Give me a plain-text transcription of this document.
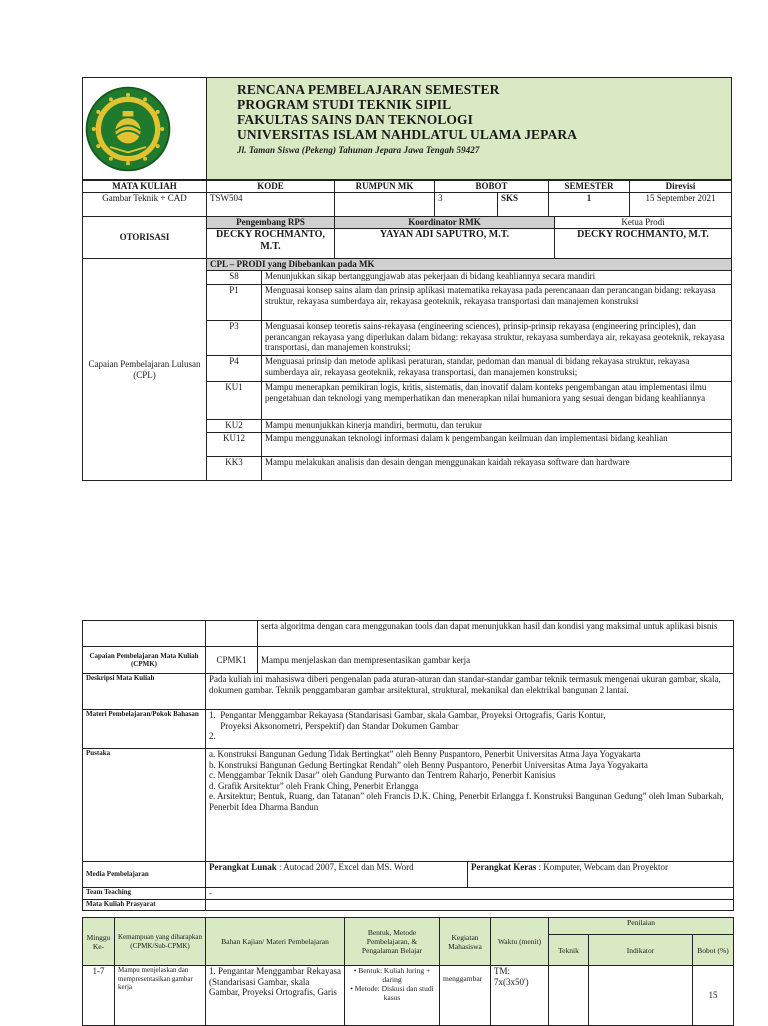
RENCANA PEMBELAJARAN SEMESTER
PROGRAM STUDI TEKNIK SIPIL
FAKULTAS SAINS DAN TEKNOLOGI
UNIVERSITAS ISLAM NAHDLATUL ULAMA JEPARA
Jl. Taman Siswa (Pekeng) Tahunan Jepara Jawa Tengah 59427
MATA KULIAH	KODE	RUMPUN MK	BOBOT		SEMESTER	Direvisi
Gambar Teknik + CAD	TSW504		3	SKS	1	15 September 2021
OTORISASI	Pengembang RPS	Koordinator RMK	Ketua Prodi
	DECKY ROCHMANTO, M.T.	YAYAN ADI SAPUTRO, M.T.	DECKY ROCHMANTO, M.T.
Capaian Pembelajaran Lulusan (CPL)	CPL – PRODI yang Dibebankan pada MK	
	S8	Menunjukkan sikap bertanggungjawab atas pekerjaan di bidang keahliannya secara mandiri
	P1	Menguasai konsep sains alam dan prinsip aplikasi matematika rekayasa pada perencanaan dan perancangan bidang: rekayasa struktur, rekayasa sumberdaya air, rekayasa geoteknik, rekayasa transportasi dan manajemen konstruksi
	P3	Menguasai konsep teoretis sains-rekayasa (engineering sciences), prinsip-prinsip rekayasa (engineering principles), dan perancangan rekayasa yang diperlukan dalam bidang: rekayasa struktur, rekayasa sumberdaya air, rekayasa geoteknik, rekayasa transportasi, dan manajemen konstruksi;
	P4	Menguasai prinsip dan metode aplikasi peraturan, standar, pedoman dan manual di bidang rekayasa struktur, rekayasa sumberdaya air, rekayasa geoteknik, rekayasa transportasi, dan manajemen konstruksi;
	KU1	Mampu menerapkan pemikiran logis, kritis, sistematis, dan inovatif dalam konteks pengembangan atau implementasi ilmu pengetahuan dan teknologi yang memperhatikan dan menerapkan nilai humaniora yang sesuai dengan bidang keahliannya
	KU2	Mampu menunjukkan kinerja mandiri, bermutu, dan terukur
	KU12	Mampu menggunakan teknologi informasi dalam k pengembangan keilmuan dan implementasi bidang keahlian
	KK3	Mampu melakukan analisis dan desain dengan menggunakan kaidah rekayasa software dan hardware
		serta algoritma dengan cara menggunakan tools dan dapat menunjukkan hasil dan kondisi yang maksimal untuk aplikasi bisnis
Capaian Pembelajaran Mata Kuliah (CPMK)	CPMK1	Mampu menjelaskan dan mempresentasikan gambar kerja
Deskripsi Mata Kuliah	Pada kuliah ini mahasiswa diberi pengenalan pada aturan-aturan dan standar-standar gambar teknik termasuk mengenai ukuran gambar, skala, dokumen gambar. Teknik penggambaran gambar arsitektural, struktural, mekanikal dan elektrikal bangunan 2 lantai.	
Materi Pembelajaran/Pokok Bahasan	1.  Pengantar Menggambar Rekayasa (Standarisasi Gambar, skala Gambar, Proyeksi Ortografis, Garis Kontur,
Proyeksi Aksonometri, Perspektif) dan Standar Dokumen Gambar
2.	

Pustaka	a. Konstruksi Bangunan Gedung Tidak Bertingkat” oleh Benny Puspantoro, Penerbit Universitas Atma Jaya Yogyakarta
b. Konstruksi Bangunan Gedung Bertingkat Rendah” oleh Benny Puspantoro, Penerbit Universitas Atma Jaya Yogyakarta
c. Menggambar Teknik Dasar” oleh Gandung Purwanto dan Tentrem Raharjo, Penerbit Kanisius
d. Grafik Arsitektur” oleh Frank Ching, Penerbit Erlangga
e. Arsitektur; Bentuk, Ruang, dan Tatanan” oleh Francis D.K. Ching, Penerbit Erlangga f. Konstruksi Bangunan Gedung” oleh Iman Subarkah, Penerbit Idea Dharma Bandun	

Media Pembelajaran	Perangkat Lunak : Autocad 2007, Excel dan MS. Word	Perangkat Keras : Komputer, Webcam dan Proyektor
Team Teaching	-	
Mata Kuliah Prasyarat		
Minggu Ke-	Kemampuan yang diharapkan (CPMK/Sub-CPMK)	Bahan Kajian/ Materi Pembelajaran	Bentuk, Metode Pembelajaran, & Pengalaman Belajar	Kegiatan Mahasiswa	Waktu (menit)	Penilaian		
						Teknik	Indikator	Bobot (%)
1-7	Mampu menjelaskan dan mempresentasikan gambar kerja	1. Pengantar Menggambar Rekayasa (Standarisasi Gambar, skala Gambar, Proyeksi Ortografis, Garis	• Bentuk: Kuliah luring + daring
• Metode: Diskusi dan studi kasus	menggambar	TM: 7x(3x50')			15
